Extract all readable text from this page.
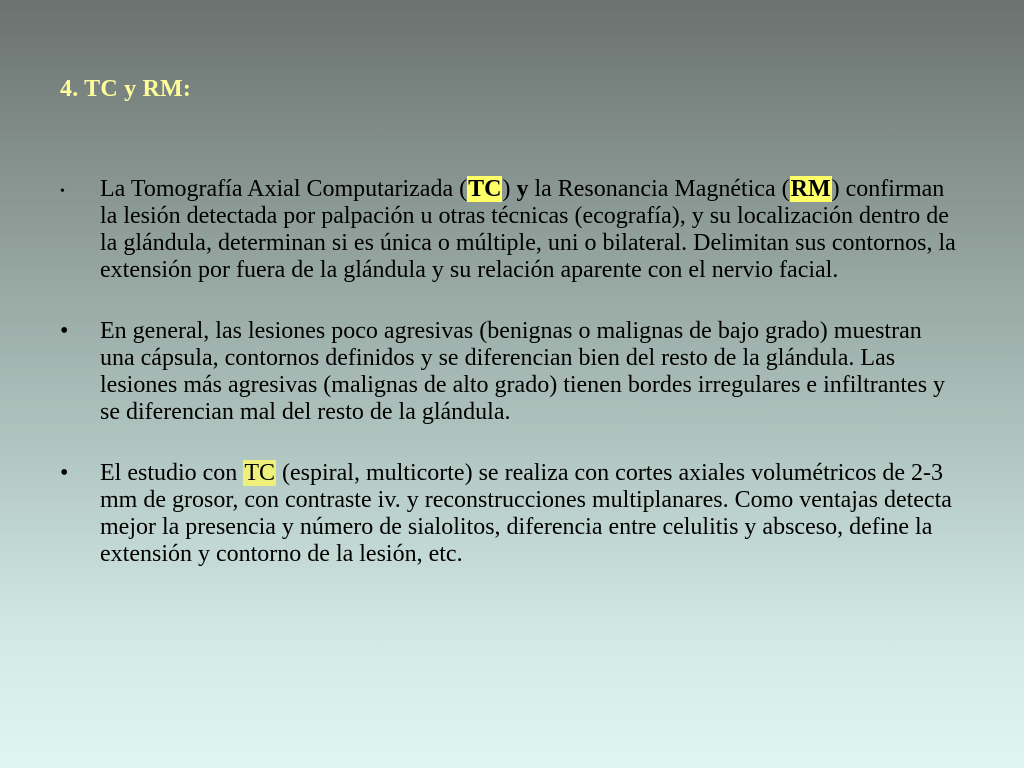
4. TC y RM:
• La Tomografía Axial Computarizada (TC) y la Resonancia Magnética (RM) confirman la lesión detectada por palpación u otras técnicas (ecografía), y su localización dentro de la glándula, determinan si es única o múltiple, uni o bilateral. Delimitan sus contornos, la extensión por fuera de la glándula y su relación aparente con el nervio facial.
• En general, las lesiones poco agresivas (benignas o malignas de bajo grado) muestran una cápsula, contornos definidos y se diferencian bien del resto de la glándula. Las lesiones más agresivas (malignas de alto grado) tienen bordes irregulares e infiltrantes y se diferencian mal del resto de la glándula.
• El estudio con TC (espiral, multicorte) se realiza con cortes axiales volumétricos de 2-3 mm de grosor, con contraste iv. y reconstrucciones multiplanares. Como ventajas detecta mejor la presencia y número de sialolitos, diferencia entre celulitis y absceso, define la extensión y contorno de la lesión, etc.
